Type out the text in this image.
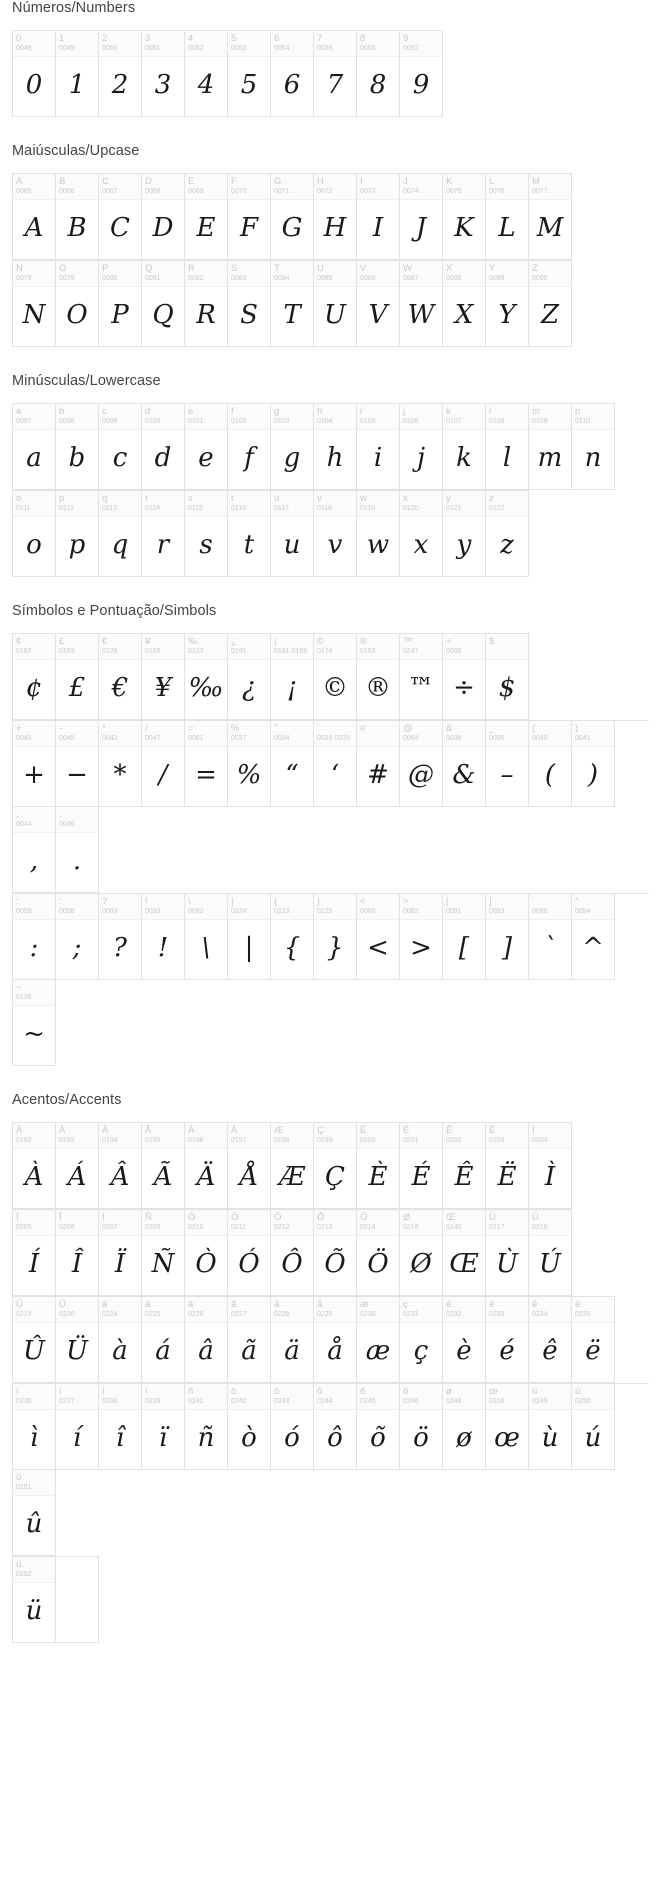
Números/Numbers
0
0048
0
1
0049
1
2
0050
2
3
0051
3
4
0052
4
5
0053
5
6
0054
6
7
0055
7
8
0056
8
9
0057
9
Maiúsculas/Upcase
A
0065
A
B
0066
B
C
0067
C
D
0068
D
E
0069
E
F
0070
F
G
0071
G
H
0072
H
I
0073
I
J
0074
J
K
0075
K
L
0076
L
M
0077
M
N
0078
N
O
0079
O
P
0080
P
Q
0081
Q
R
0082
R
S
0083
S
T
0084
T
U
0085
U
V
0086
V
W
0087
W
X
0088
X
Y
0089
Y
Z
0090
Z
Minúsculas/Lowercase
a
0097
a
b
0098
b
c
0099
c
d
0100
d
e
0101
e
f
0102
f
g
0103
g
h
0104
h
i
0105
i
j
0106
j
k
0107
k
l
0108
l
m
0109
m
n
0110
n
o
0111
o
p
0112
p
q
0113
q
r
0114
r
s
0115
s
t
0116
t
u
0117
u
v
0118
v
w
0119
w
x
0120
x
y
0121
y
z
0122
z
Símbolos e Pontuação/Simbols
¢
0162
¢
£
0163
£
€
0128
€
¥
0165
¥
‰
0137
‰
¿
0191
¿
¡
0161 0169
¡
©
0174
©
®
0153
®
™
0247
™
÷
0036
÷
$
$
+
0043
+
-
0045
−
*
0042
*
/
0047
/
=
0061
=
%
0037
%
"
0034
“
'
0039 0035
‘
#
#
@
0064
@
&
0038
&
_
0095
–
(
0040
(
)
0041
)
,
0044
,
.
0046
.
;
0059
:
:
0058
;
?
0063
?
!
0033
!
\
0092
\
|
0124
|
{
0123
{
}
0125
}
<
0060
<
>
0062
>
[
0091
[
]
0093
]
`
0096
`
^
0094
^
~
0126
~
Acentos/Accents
À
0192
À
Á
0193
Á
Â
0194
Â
Ã
0195
Ã
Ä
0196
Ä
Å
0197
Å
Æ
0198
Æ
Ç
0199
Ç
È
0200
È
É
0201
É
Ê
0202
Ê
Ë
0203
Ë
Ì
0204
Ì
Í
0205
Í
Î
0206
Î
Ï
0207
Ï
Ñ
0209
Ñ
Ò
0210
Ò
Ó
0211
Ó
Ô
0212
Ô
Õ
0213
Õ
Ö
0214
Ö
Ø
0216
Ø
Œ
0140
Œ
Ù
0217
Ù
Ú
0218
Ú
Û
0219
Û
Ü
0220
Ü
à
0224
à
á
0225
á
â
0226
â
ã
0227
ã
ä
0228
ä
å
0229
å
æ
0230
æ
ç
0231
ç
è
0232
è
é
0233
é
ê
0234
ê
ë
0235
ë
ì
0236
ì
í
0237
í
î
0238
î
ï
0239
ï
ñ
0241
ñ
ò
0242
ò
ó
0243
ó
ô
0244
ô
õ
0245
õ
ö
0246
ö
ø
0248
ø
œ
0156
œ
ù
0249
ù
ú
0250
ú
û
0251
û
ü
0252
ü
